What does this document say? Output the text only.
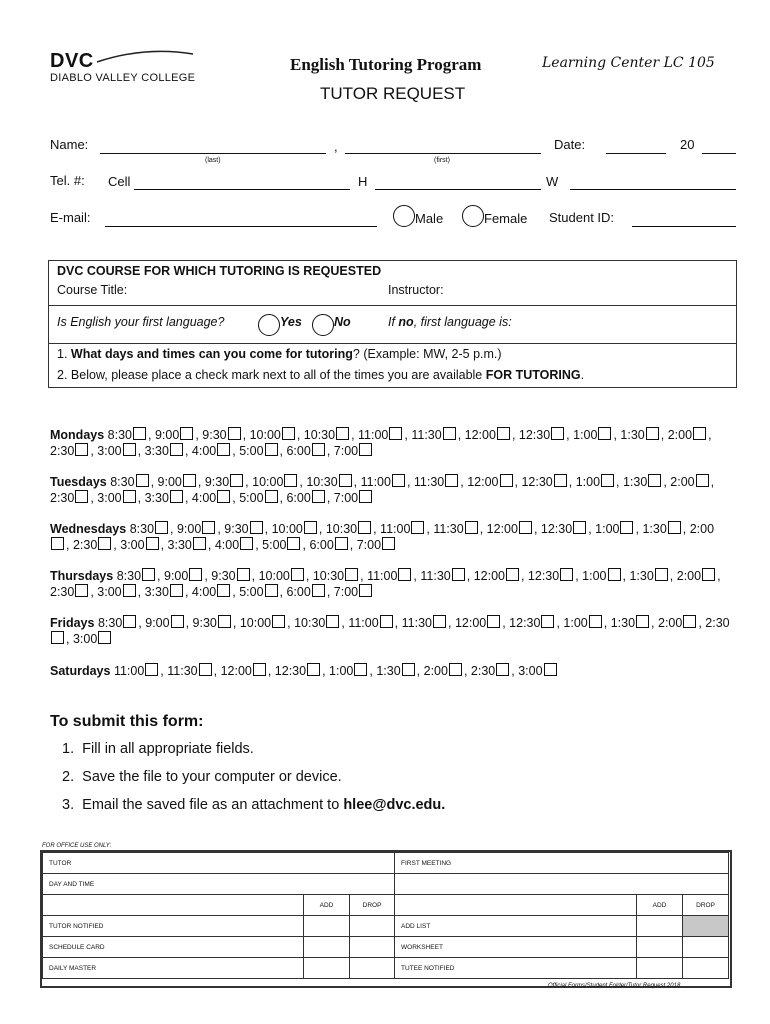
DVC
DIABLO VALLEY COLLEGE
English Tutoring Program	Learning Center LC 105
TUTOR REQUEST
Name:	,
(last)	(first)
Date:	20
Tel. #: Cell	H	W
E-mail:	Male	Female Student ID:
DVC COURSE FOR WHICH TUTORING IS REQUESTED
Course Title:	Instructor:
Is English your first language?	Yes	No	If no, first language is:
1. What days and times can you come for tutoring? (Example: MW, 2-5 p.m.)
2. Below, please place a check mark next to all of the times you are available FOR TUTORING.
Mondays 8:30 , 9:00 , 9:30 , 10:00 , 10:30 , 11:00 , 11:30 , 12:00 , 12:30 , 1:00 , 1:30 , 2:00 , 2:30 , 3:00 , 3:30 , 4:00 , 5:00 , 6:00 , 7:00
Tuesdays 8:30 , 9:00 , 9:30 , 10:00 , 10:30 , 11:00 , 11:30 , 12:00 , 12:30 , 1:00 , 1:30 , 2:00 , 2:30 , 3:00 , 3:30 , 4:00 , 5:00 , 6:00 , 7:00
Wednesdays 8:30 , 9:00 , 9:30 , 10:00 , 10:30 , 11:00 , 11:30 , 12:00 , 12:30 , 1:00 , 1:30 , 2:00, 2:30 , 3:00 , 3:30 , 4:00 , 5:00 , 6:00 , 7:00
Thursdays 8:30 , 9:00 , 9:30 , 10:00 , 10:30 , 11:00 , 11:30 , 12:00 , 12:30 , 1:00 , 1:30 , 2:00 , 2:30 , 3:00 , 3:30 , 4:00 , 5:00 , 6:00 , 7:00
Fridays 8:30 , 9:00 , 9:30 , 10:00 , 10:30 , 11:00 , 11:30 , 12:00 , 12:30 , 1:00 , 1:30 , 2:00 , 2:30, 3:00
Saturdays 11:00 , 11:30 , 12:00 , 12:30 , 1:00 , 1:30 , 2:00 , 2:30 , 3:00
To submit this form:
1. Fill in all appropriate fields.
2. Save the file to your computer or device.
3. Email the saved file as an attachment to hlee@dvc.edu.
FOR OFFICE USE ONLY:
TUTOR			FIRST MEETING		
DAY AND TIME					
	ADD	DROP		ADD	DROP
TUTOR NOTIFIED			ADD LIST		
SCHEDULE CARD			WORKSHEET		
DAILY MASTER			TUTEE NOTIFIED		
Official Forms/Student Folder/Tutor Request 2018
